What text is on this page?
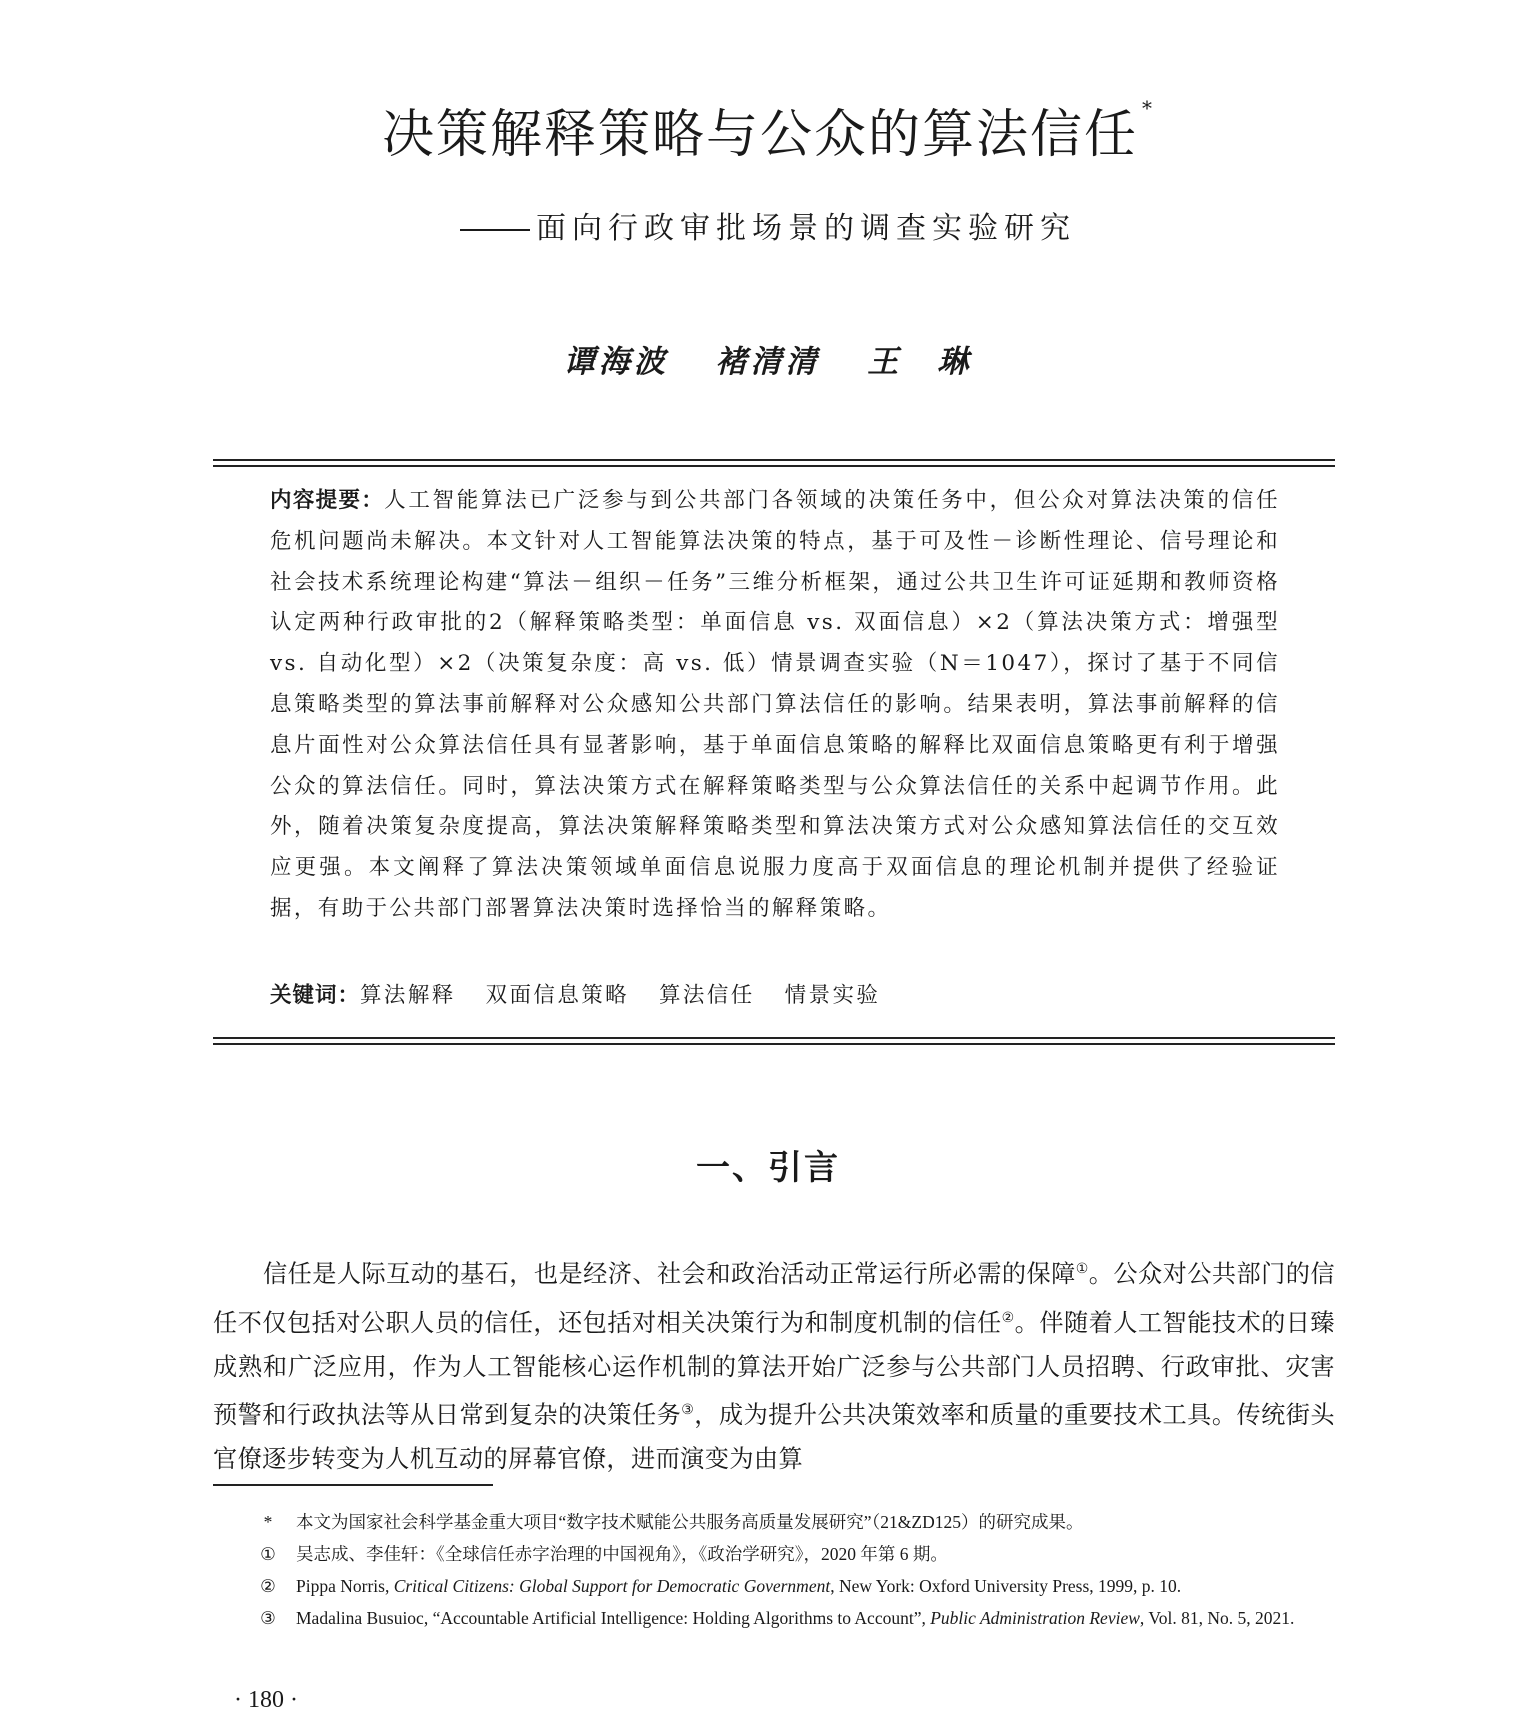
决策解释策略与公众的算法信任 *
面向行政审批场景的调查实验研究
谭海波 褚清清 王　琳
内容提要：人工智能算法已广泛参与到公共部门各领域的决策任务中，但公众对算法决策的信任危机问题尚未解决。本文针对人工智能算法决策的特点，基于可及性－诊断性理论、信号理论和社会技术系统理论构建“算法－组织－任务”三维分析框架，通过公共卫生许可证延期和教师资格认定两种行政审批的2（解释策略类型：单面信息 vs. 双面信息）×2（算法决策方式：增强型 vs. 自动化型）×2（决策复杂度：高 vs. 低）情景调查实验（N＝1047），探讨了基于不同信息策略类型的算法事前解释对公众感知公共部门算法信任的影响。结果表明，算法事前解释的信息片面性对公众算法信任具有显著影响，基于单面信息策略的解释比双面信息策略更有利于增强公众的算法信任。同时，算法决策方式在解释策略类型与公众算法信任的关系中起调节作用。此外，随着决策复杂度提高，算法决策解释策略类型和算法决策方式对公众感知算法信任的交互效应更强。本文阐释了算法决策领域单面信息说服力度高于双面信息的理论机制并提供了经验证据，有助于公共部门部署算法决策时选择恰当的解释策略。
关键词：算法解释 双面信息策略 算法信任 情景实验
一、引言

信任是人际互动的基石，也是经济、社会和政治活动正常运行所必需的保障①。公众对公共部门的信任不仅包括对公职人员的信任，还包括对相关决策行为和制度机制的信任②。伴随着人工智能技术的日臻成熟和广泛应用，作为人工智能核心运作机制的算法开始广泛参与公共部门人员招聘、行政审批、灾害预警和行政执法等从日常到复杂的决策任务③，成为提升公共决策效率和质量的重要技术工具。传统街头官僚逐步转变为人机互动的屏幕官僚，进而演变为由算

*	本文为国家社会科学基金重大项目“数字技术赋能公共服务高质量发展研究”（21&ZD125）的研究成果。
① 吴志成、李佳轩：《全球信任赤字治理的中国视角》，《政治学研究》，2020 年第 6 期。
② Pippa Norris, Critical Citizens: Global Support for Democratic Government, New York: Oxford University Press, 1999, p. 10.
③ Madalina Busuioc, “Accountable Artificial Intelligence: Holding Algorithms to Account”, Public Administration Review, Vol. 81, No. 5, 2021.
· 180 ·
